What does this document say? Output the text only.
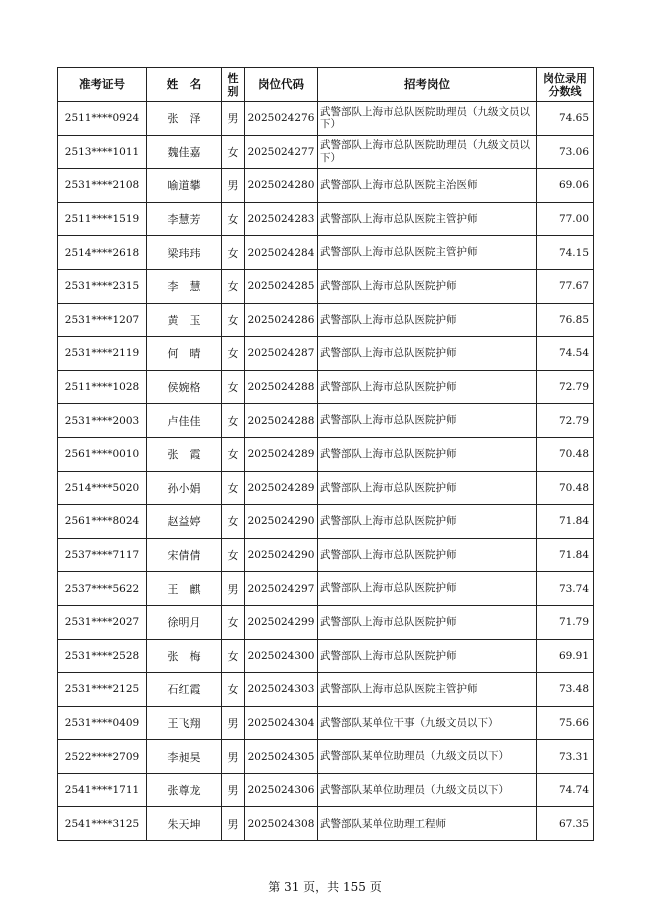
准考证号	姓　名	性别	岗位代码	招考岗位	岗位录用分数线
2511****0924	张　泽	男	2025024276	武警部队上海市总队医院助理员（九级文员以下）	74.65
2513****1011	魏佳嘉	女	2025024277	武警部队上海市总队医院助理员（九级文员以下）	73.06
2531****2108	喻道攀	男	2025024280	武警部队上海市总队医院主治医师	69.06
2511****1519	李慧芳	女	2025024283	武警部队上海市总队医院主管护师	77.00
2514****2618	梁玮玮	女	2025024284	武警部队上海市总队医院主管护师	74.15
2531****2315	李　慧	女	2025024285	武警部队上海市总队医院护师	77.67
2531****1207	黄　玉	女	2025024286	武警部队上海市总队医院护师	76.85
2531****2119	何　晴	女	2025024287	武警部队上海市总队医院护师	74.54
2511****1028	侯婉格	女	2025024288	武警部队上海市总队医院护师	72.79
2531****2003	卢佳佳	女	2025024288	武警部队上海市总队医院护师	72.79
2561****0010	张　霞	女	2025024289	武警部队上海市总队医院护师	70.48
2514****5020	孙小娟	女	2025024289	武警部队上海市总队医院护师	70.48
2561****8024	赵益婷	女	2025024290	武警部队上海市总队医院护师	71.84
2537****7117	宋倩倩	女	2025024290	武警部队上海市总队医院护师	71.84
2537****5622	王　麒	男	2025024297	武警部队上海市总队医院护师	73.74
2531****2027	徐明月	女	2025024299	武警部队上海市总队医院护师	71.79
2531****2528	张　梅	女	2025024300	武警部队上海市总队医院护师	69.91
2531****2125	石红霞	女	2025024303	武警部队上海市总队医院主管护师	73.48
2531****0409	王飞翔	男	2025024304	武警部队某单位干事（九级文员以下）	75.66
2522****2709	李昶昊	男	2025024305	武警部队某单位助理员（九级文员以下）	73.31
2541****1711	张尊龙	男	2025024306	武警部队某单位助理员（九级文员以下）	74.74
2541****3125	朱天坤	男	2025024308	武警部队某单位助理工程师	67.35
第 31 页，共 155 页
